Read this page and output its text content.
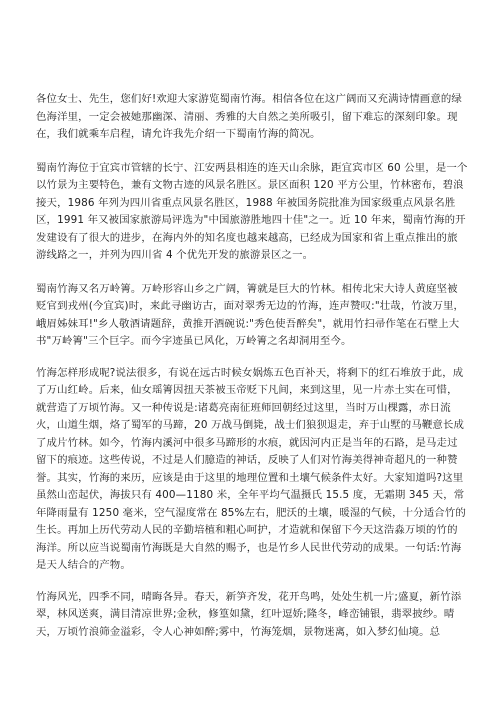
各位女士、先生，您们好!欢迎大家游览蜀南竹海。相信各位在这广阔而又充满诗情画意的绿色海洋里，一定会被她那幽深、清丽、秀雅的大自然之美所吸引，留下难忘的深刻印象。现在，我们就乘车启程，请允许我先介绍一下蜀南竹海的简况。

蜀南竹海位于宜宾市管辖的长宁、江安两县相连的连天山余脉，距宜宾市区 60 公里，是一个以竹景为主要特色，兼有文物古迹的风景名胜区。景区面积 120 平方公里，竹林密布，碧浪接天，1986 年列为四川省重点风景名胜区，1988 年被国务院批准为国家级重点风景名胜区，1991 年又被国家旅游局评选为"中国旅游胜地四十佳"之一。近 10 年来，蜀南竹海的开发建设有了很大的进步，在海内外的知名度也越来越高，已经成为国家和省上重点推出的旅游线路之一，并列为四川省 4 个优先开发的旅游景区之一。

蜀南竹海又名万岭箐。万岭形容山乡之广阔，箐就是巨大的竹林。相传北宋大诗人黄庭坚被贬官到戎州(今宜宾)时，来此寻幽访古，面对翠秀无边的竹海，连声赞叹:"壮哉，竹波万里，峨眉姊妹耳!"乡人敬酒请题辞，黄推开酒碗说:"秀色使吾醉矣"，就用竹扫帚作笔在石壁上大书"万岭箐"三个巨字。而今字迹虽已风化，万岭箐之名却洞用至今。

竹海怎样形成呢?说法很多，有说在远古时候女娲炼五色百补天，将剩下的红石堆放于此，成了万山红岭。后来，仙女瑶箐因扭天茶被玉帝贬下凡间，来到这里，见一片赤土实在可惜，就营造了万顷竹海。又一种传说是:诸葛亮南征班师回朝经过这里，当时万山棵露，赤日流火，山道生烟，烙了蜀军的马蹄，20 万战马倒毙，战士们狼狈退走，弃于山墅的马鞭意长成了成片竹林。如今，竹海内溪河中很多马蹄形的水痕，就因河内正是当年的石路，是马走过留下的痕迹。这些传说，不过是人们臆造的神话，反映了人们对竹海美得神奇超凡的一种赞誉。其实，竹海的来历，应该是由于这里的地理位置和土壤气候条件太好。大家知道吗?这里虽然山峦起伏，海拔只有 400—1180 米，全年平均气温摄氏 15.5 度，无霜期 345 天，常年降雨量有 1250 毫米，空气湿度常在 85%左右，肥沃的土壤，暖湿的气候，十分适合竹的生长。再加上历代劳动人民的辛勤培植和粗心呵护，才造就和保留下今天这浩淼万顷的竹的海洋。所以应当说蜀南竹海既是大自然的赐予，也是竹乡人民世代劳动的成果。一句话:竹海是天人结合的产物。

竹海风光，四季不同，晴晦各异。春天，新笋齐发，花开鸟鸣，处处生机一片;盛夏，新竹添翠，林风送爽，满目清凉世界;金秋，修篁如黛，红叶逗娇;隆冬，峰峦铺银，翡翠披纱。晴天，万顷竹浪筛金溢彩，令人心神如醉;雾中，竹海笼烟，景物迷离，如入梦幻仙境。总
